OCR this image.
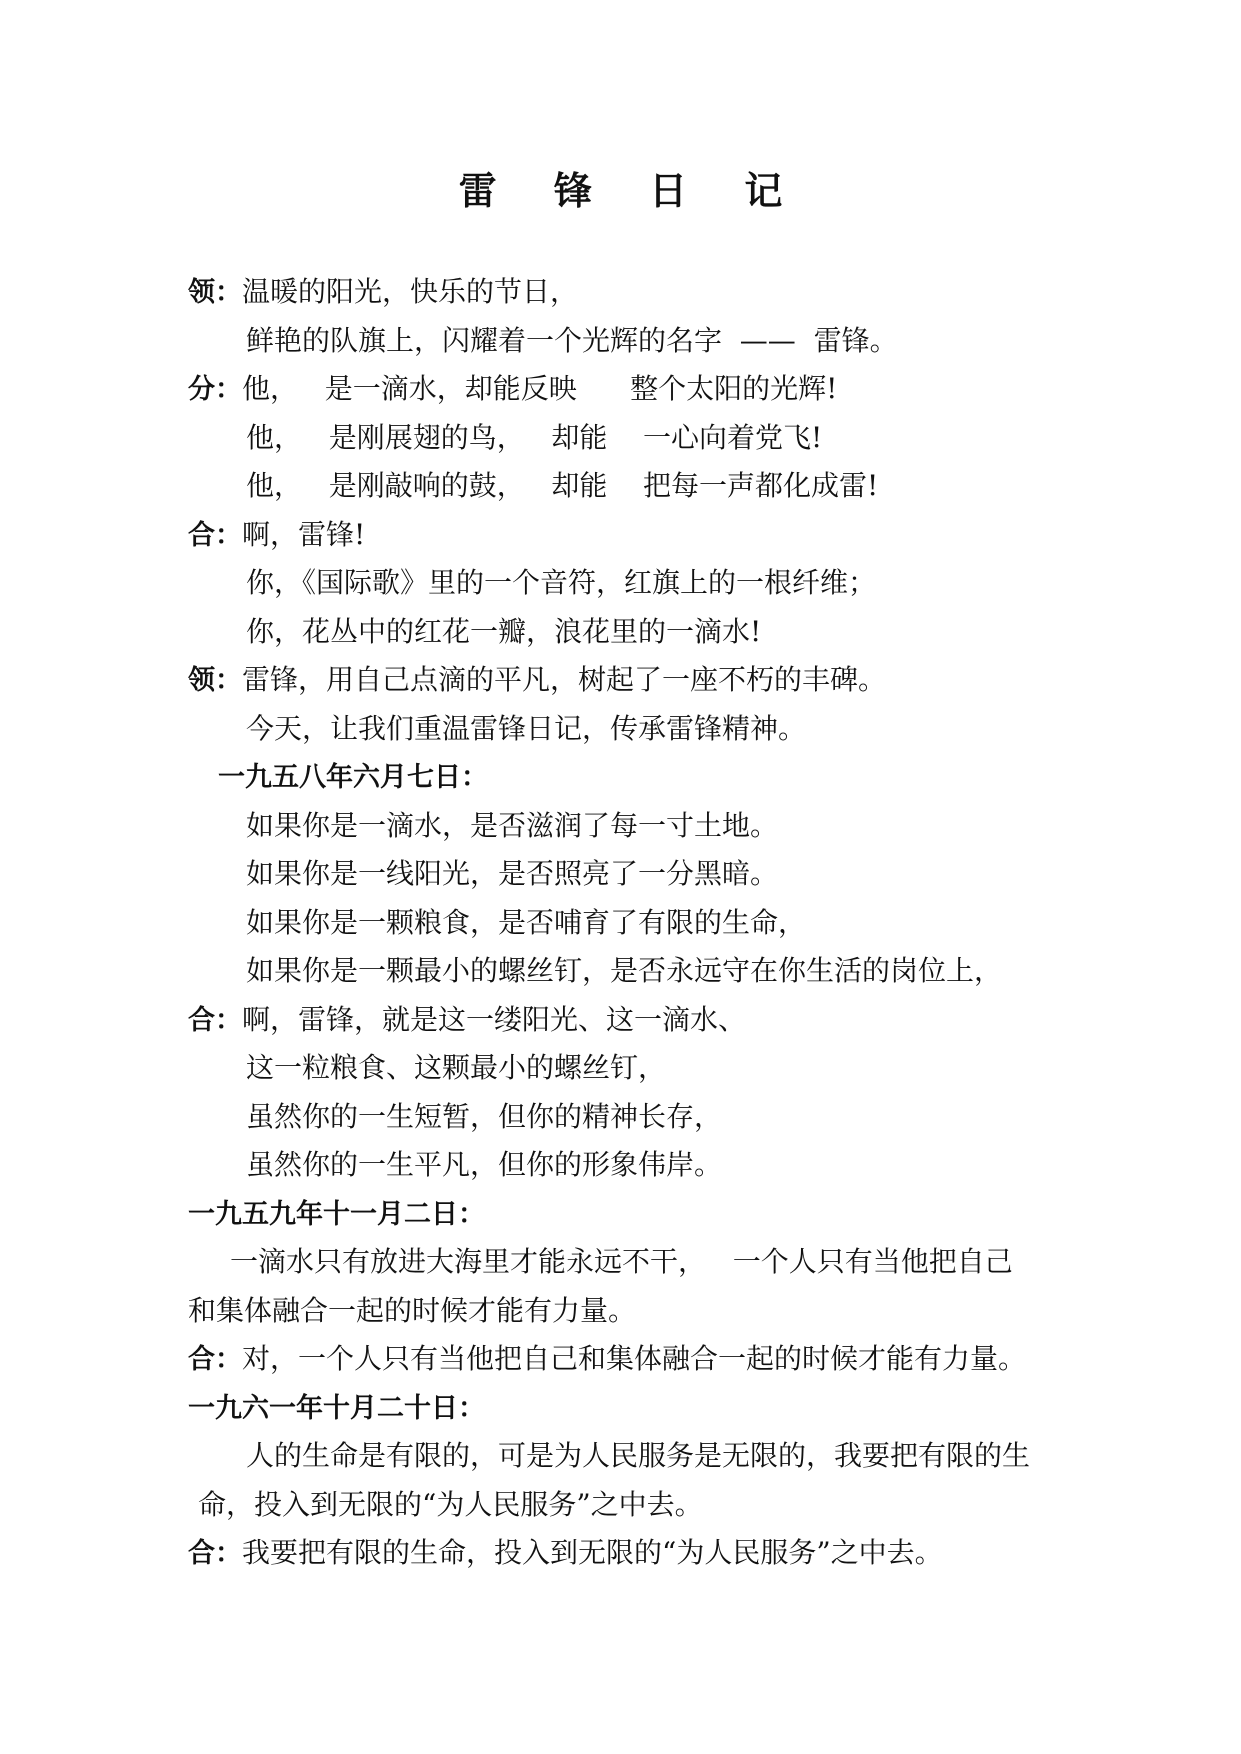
雷 锋 日 记
领：温暖的阳光，快乐的节日，
鲜艳的队旗上，闪耀着一个光辉的名字  ——  雷锋。
分：他，   是一滴水，却能反映      整个太阳的光辉!
他，   是刚展翅的鸟，   却能    一心向着党飞!
他，   是刚敲响的鼓，   却能    把每一声都化成雷!
合：啊，雷锋!
你，《国际歌》里的一个音符，红旗上的一根纤维；
你，花丛中的红花一瓣，浪花里的一滴水!
领：雷锋，用自己点滴的平凡，树起了一座不朽的丰碑。
今天，让我们重温雷锋日记，传承雷锋精神。
一九五八年六月七日：
如果你是一滴水，是否滋润了每一寸土地。
如果你是一线阳光，是否照亮了一分黑暗。
如果你是一颗粮食，是否哺育了有限的生命，
如果你是一颗最小的螺丝钉，是否永远守在你生活的岗位上，
合：啊，雷锋，就是这一缕阳光、这一滴水、
这一粒粮食、这颗最小的螺丝钉，
虽然你的一生短暂，但你的精神长存，
虽然你的一生平凡，但你的形象伟岸。
一九五九年十一月二日：
一滴水只有放进大海里才能永远不干，   一个人只有当他把自己
和集体融合一起的时候才能有力量。
合：对，一个人只有当他把自己和集体融合一起的时候才能有力量。
一九六一年十月二十日：
人的生命是有限的，可是为人民服务是无限的，我要把有限的生
命，投入到无限的“为人民服务”之中去。
合：我要把有限的生命，投入到无限的“为人民服务”之中去。
